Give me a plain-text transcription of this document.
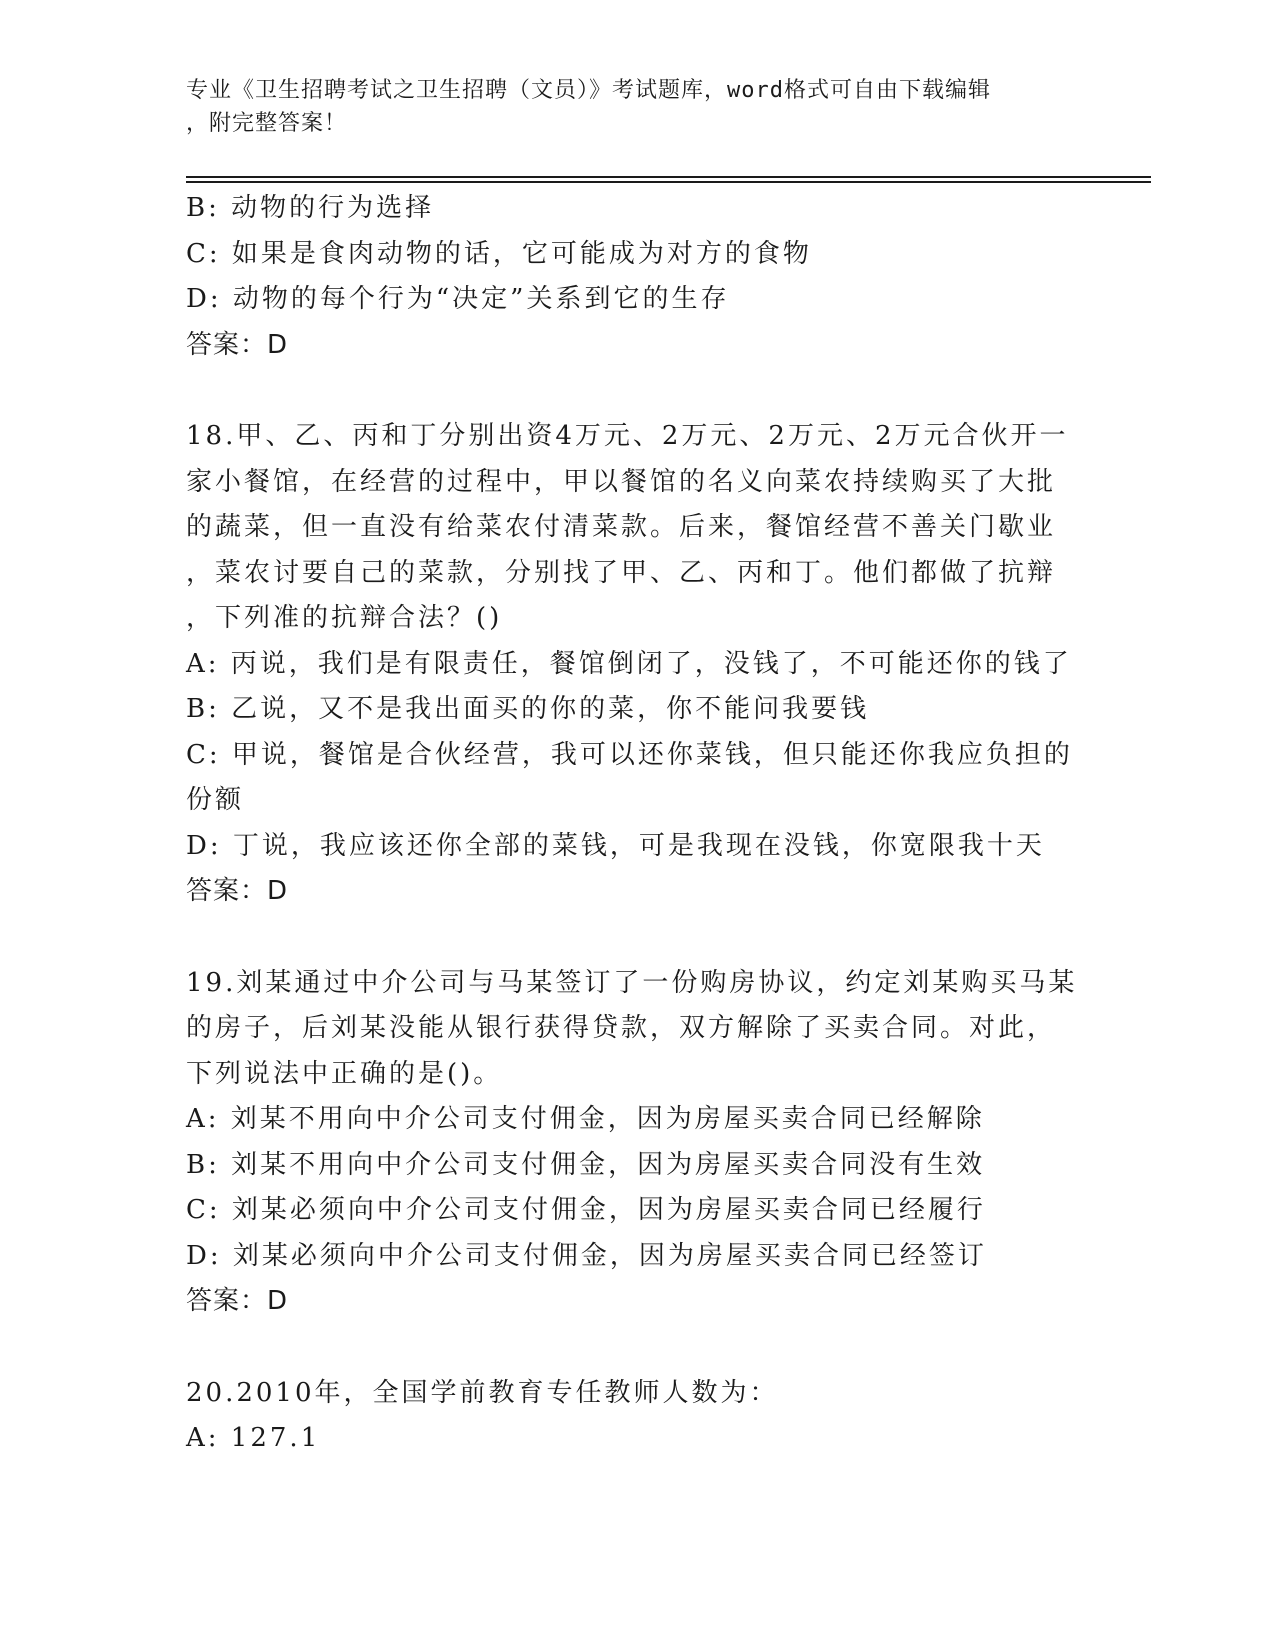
专业《卫生招聘考试之卫生招聘（文员）》考试题库，word格式可自由下载编辑
，附完整答案！
B: 动物的行为选择
C: 如果是食肉动物的话，它可能成为对方的食物
D: 动物的每个行为“决定”关系到它的生存
答案：D
18.甲、乙、丙和丁分别出资4万元、2万元、2万元、2万元合伙开一
家小餐馆，在经营的过程中，甲以餐馆的名义向菜农持续购买了大批
的蔬菜，但一直没有给菜农付清菜款。后来，餐馆经营不善关门歇业
，菜农讨要自己的菜款，分别找了甲、乙、丙和丁。他们都做了抗辩
，下列准的抗辩合法？()
A: 丙说，我们是有限责任，餐馆倒闭了，没钱了，不可能还你的钱了
B: 乙说，又不是我出面买的你的菜，你不能问我要钱
C: 甲说，餐馆是合伙经营，我可以还你菜钱，但只能还你我应负担的
份额
D: 丁说，我应该还你全部的菜钱，可是我现在没钱，你宽限我十天
答案：D
19.刘某通过中介公司与马某签订了一份购房协议，约定刘某购买马某
的房子，后刘某没能从银行获得贷款，双方解除了买卖合同。对此，
下列说法中正确的是()。
A: 刘某不用向中介公司支付佣金，因为房屋买卖合同已经解除
B: 刘某不用向中介公司支付佣金，因为房屋买卖合同没有生效
C: 刘某必须向中介公司支付佣金，因为房屋买卖合同已经履行
D: 刘某必须向中介公司支付佣金，因为房屋买卖合同已经签订
答案：D
20.2010年，全国学前教育专任教师人数为：
A: 127.1
